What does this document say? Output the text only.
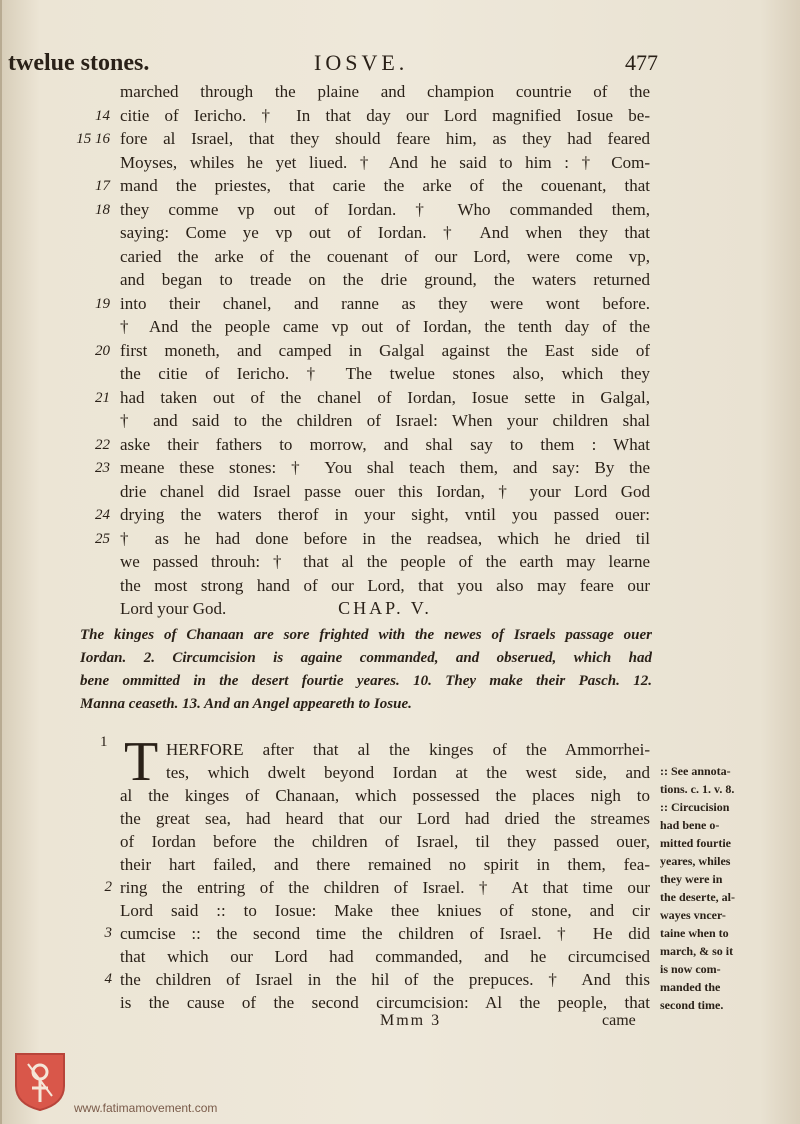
twelue stones.	IOSVE.	477
marched through the plaine and champion countrie of the
14 citie of Iericho. † In that day our Lord magnified Iosue be-
15 16 fore al Israel, that they should feare him, as they had feared
Moyses, whiles he yet liued. † And he said to him : † Com-
17 mand the priestes, that carie the arke of the couenant, that
18 they comme vp out of Iordan. † Who commanded them,
saying: Come ye vp out of Iordan. † And when they that
caried the arke of the couenant of our Lord, were come vp,
and began to treade on the drie ground, the waters returned
19 into their chanel, and ranne as they were wont before.
† And the people came vp out of Iordan, the tenth day of the
20 first moneth, and camped in Galgal against the East side of
the citie of Iericho. † The twelue stones also, which they
21 had taken out of the chanel of Iordan, Iosue sette in Galgal,
† and said to the children of Israel: When your children shal
22 aske their fathers to morrow, and shal say to them : What
23 meane these stones: † You shal teach them, and say: By the
drie chanel did Israel passe ouer this Iordan, † your Lord God
24 drying the waters therof in your sight, vntil you passed ouer:
25 † as he had done before in the readsea, which he dried til
we passed throuh: † that al the people of the earth may learne
the most strong hand of our Lord, that you also may feare our
Lord your God.	CHAP. V.
The kinges of Chanaan are sore frighted with the newes of Israels passage ouer
Iordan. 2. Circumcision is againe commanded, and obserued, which had
bene ommitted in the desert fourtie yeares. 10. They make their Pasch. 12.
Manna ceaseth. 13. And an Angel appeareth to Iosue.
1 T HERFORE after that al the kinges of the Ammorrhei-
tes, which dwelt beyond Iordan at the west side, and
al the kinges of Chanaan, which possessed the places nigh to
the great sea, had heard that our Lord had dried the streames
of Iordan before the children of Israel, til they passed ouer,
their hart failed, and there remained no spirit in them, fea-
2 ring the entring of the children of Israel. † At that time our
Lord said :: to Iosue: Make thee kniues of stone, and cir
3 cumcise :: the second time the children of Israel. † He did
that which our Lord had commanded, and he circumcised
4 the children of Israel in the hil of the prepuces. † And this
is the cause of the second circumcision: Al the people, that
:: See annota-
tions. c. 1. v. 8.
:: Circucision
had bene o-
mitted fourtie
yeares, whiles
they were in
the deserte, al-
wayes vncer-
taine when to
march, & so it
is now com-
manded the
second time.
Mmm 3	came
www.fatimamovement.com
